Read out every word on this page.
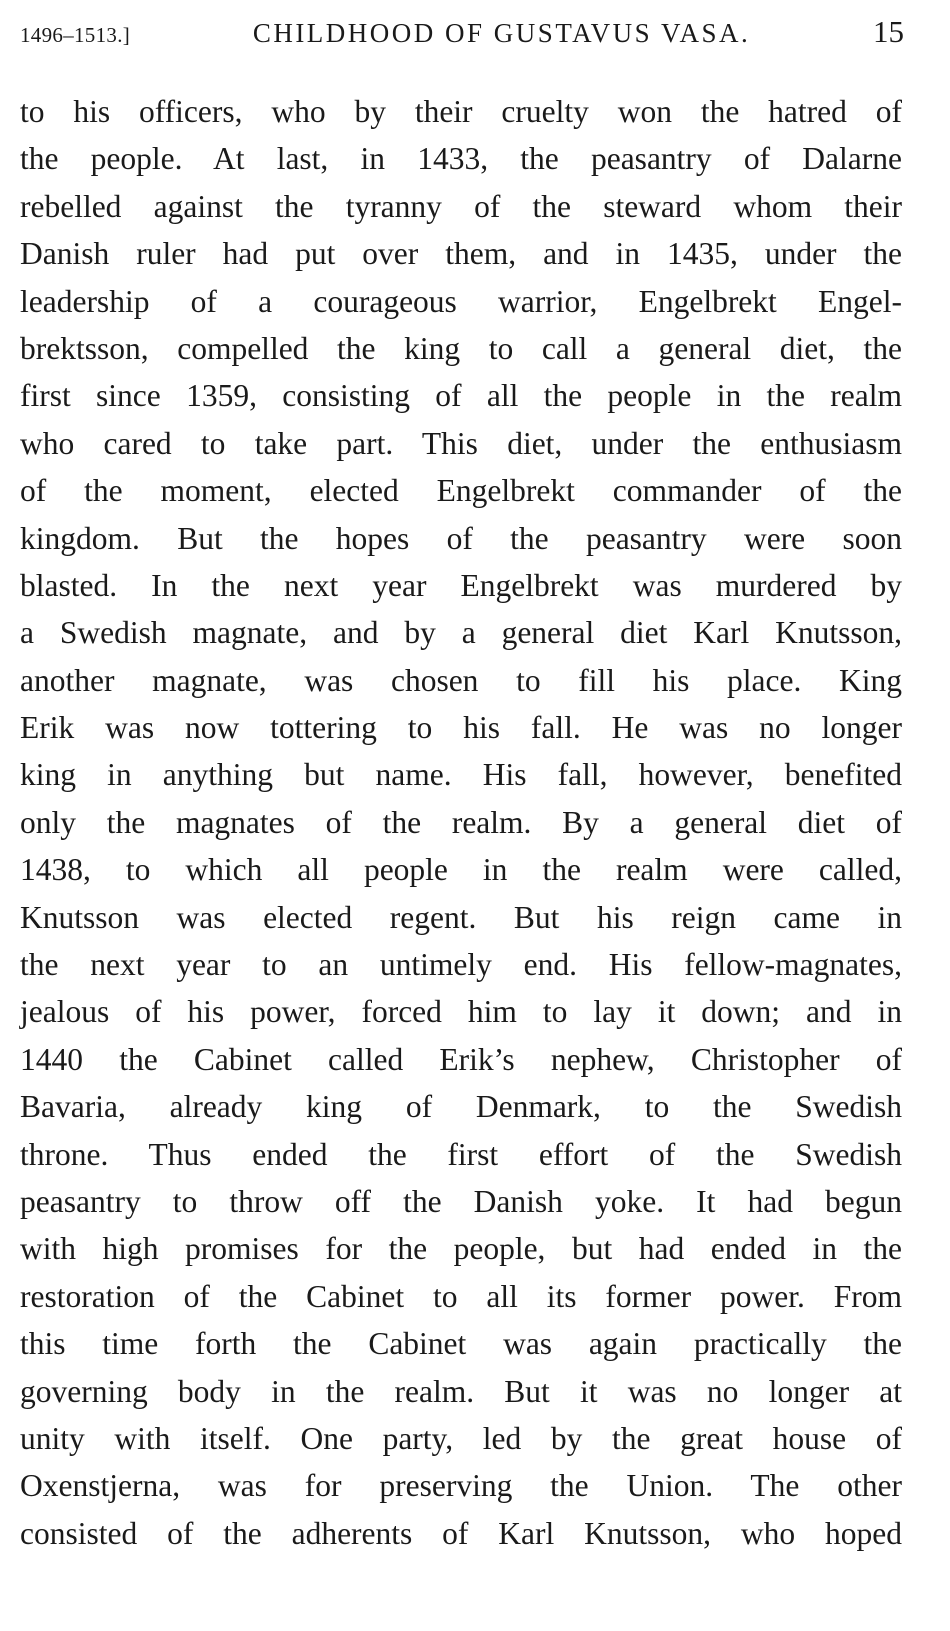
1496–1513.]	CHILDHOOD OF GUSTAVUS VASA.	15
to his officers, who by their cruelty won the hatred of
the people. At last, in 1433, the peasantry of Dalarne
rebelled against the tyranny of the steward whom their
Danish ruler had put over them, and in 1435, under the
leadership of a courageous warrior, Engelbrekt Engel-
brektsson, compelled the king to call a general diet, the
first since 1359, consisting of all the people in the realm
who cared to take part. This diet, under the enthusiasm
of the moment, elected Engelbrekt commander of the
kingdom. But the hopes of the peasantry were soon
blasted. In the next year Engelbrekt was murdered by
a Swedish magnate, and by a general diet Karl Knutsson,
another magnate, was chosen to fill his place. King
Erik was now tottering to his fall. He was no longer
king in anything but name. His fall, however, benefited
only the magnates of the realm. By a general diet of
1438, to which all people in the realm were called,
Knutsson was elected regent. But his reign came in
the next year to an untimely end. His fellow-magnates,
jealous of his power, forced him to lay it down; and in
1440 the Cabinet called Erik’s nephew, Christopher of
Bavaria, already king of Denmark, to the Swedish
throne. Thus ended the first effort of the Swedish
peasantry to throw off the Danish yoke. It had begun
with high promises for the people, but had ended in the
restoration of the Cabinet to all its former power. From
this time forth the Cabinet was again practically the
governing body in the realm. But it was no longer at
unity with itself. One party, led by the great house of
Oxenstjerna, was for preserving the Union. The other
consisted of the adherents of Karl Knutsson, who hoped
